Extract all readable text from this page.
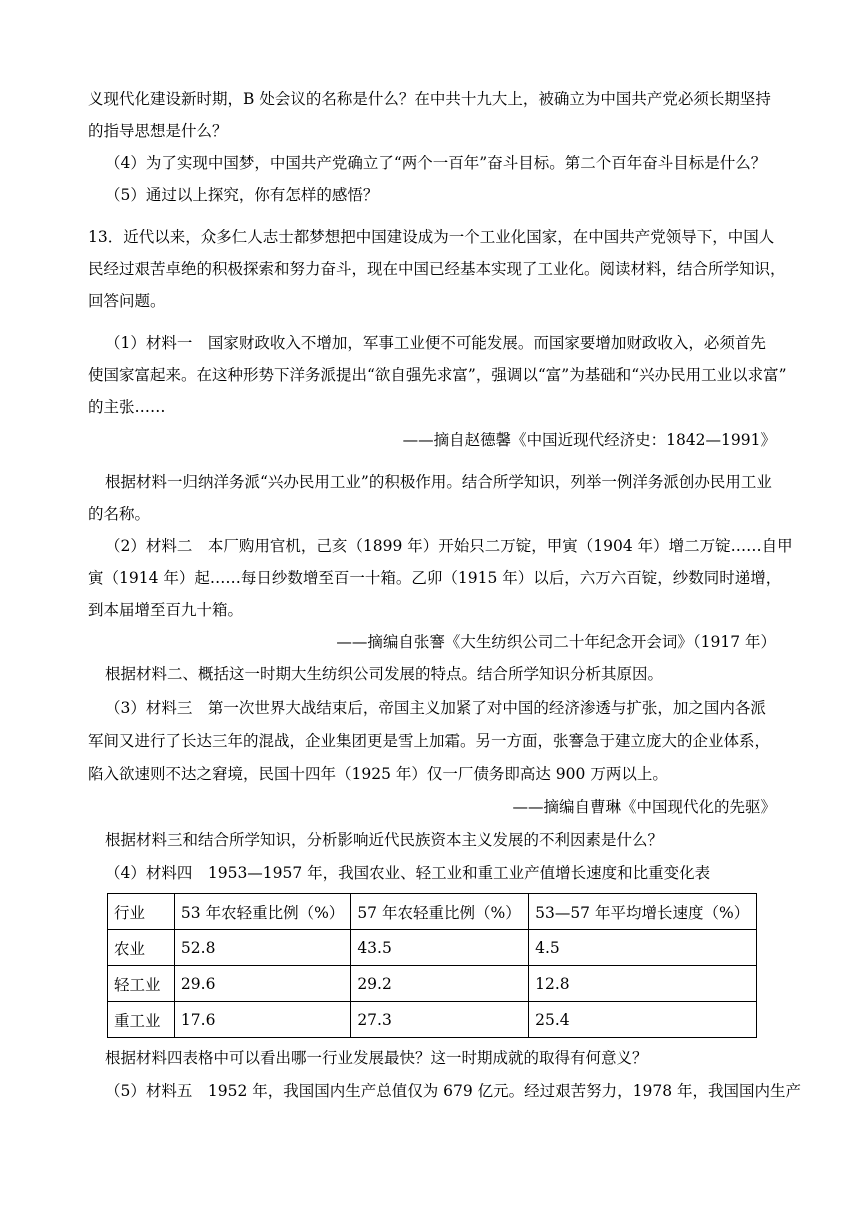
义现代化建设新时期，B 处会议的名称是什么？在中共十九大上，被确立为中国共产党必须长期坚持
的指导思想是什么？
（4）为了实现中国梦，中国共产党确立了“两个一百年”奋斗目标。第二个百年奋斗目标是什么？
（5）通过以上探究，你有怎样的感悟？
13．近代以来，众多仁人志士都梦想把中国建设成为一个工业化国家，在中国共产党领导下，中国人
民经过艰苦卓绝的积极探索和努力奋斗，现在中国已经基本实现了工业化。阅读材料，结合所学知识，
回答问题。
（1）材料一　国家财政收入不增加，军事工业便不可能发展。而国家要增加财政收入，必须首先
使国家富起来。在这种形势下洋务派提出“欲自强先求富”，强调以“富”为基础和“兴办民用工业以求富”
的主张……
——摘自赵德馨《中国近现代经济史：1842—1991》
根据材料一归纳洋务派“兴办民用工业”的积极作用。结合所学知识，列举一例洋务派创办民用工业
的名称。
（2）材料二　本厂购用官机，己亥（1899 年）开始只二万锭，甲寅（1904 年）增二万锭……自甲
寅（1914 年）起……每日纱数增至百一十箱。乙卯（1915 年）以后，六万六百锭，纱数同时递增，
到本届增至百九十箱。
——摘编自张謇《大生纺织公司二十年纪念开会词》（1917 年）
根据材料二、概括这一时期大生纺织公司发展的特点。结合所学知识分析其原因。
（3）材料三　第一次世界大战结束后，帝国主义加紧了对中国的经济渗透与扩张，加之国内各派
军间又进行了长达三年的混战，企业集团更是雪上加霜。另一方面，张謇急于建立庞大的企业体系，
陷入欲速则不达之窘境，民国十四年（1925 年）仅一厂债务即高达 900 万两以上。
——摘编自曹琳《中国现代化的先驱》
根据材料三和结合所学知识，分析影响近代民族资本主义发展的不利因素是什么？
（4）材料四　1953—1957 年，我国农业、轻工业和重工业产值增长速度和比重变化表
行业	53 年农轻重比例（%）	57 年农轻重比例（%）	53—57 年平均增长速度（%）
农业	52.8	43.5	4.5
轻工业	29.6	29.2	12.8
重工业	17.6	27.3	25.4
根据材料四表格中可以看出哪一行业发展最快？这一时期成就的取得有何意义？
（5）材料五　1952 年，我国国内生产总值仅为 679 亿元。经过艰苦努力，1978 年，我国国内生产
